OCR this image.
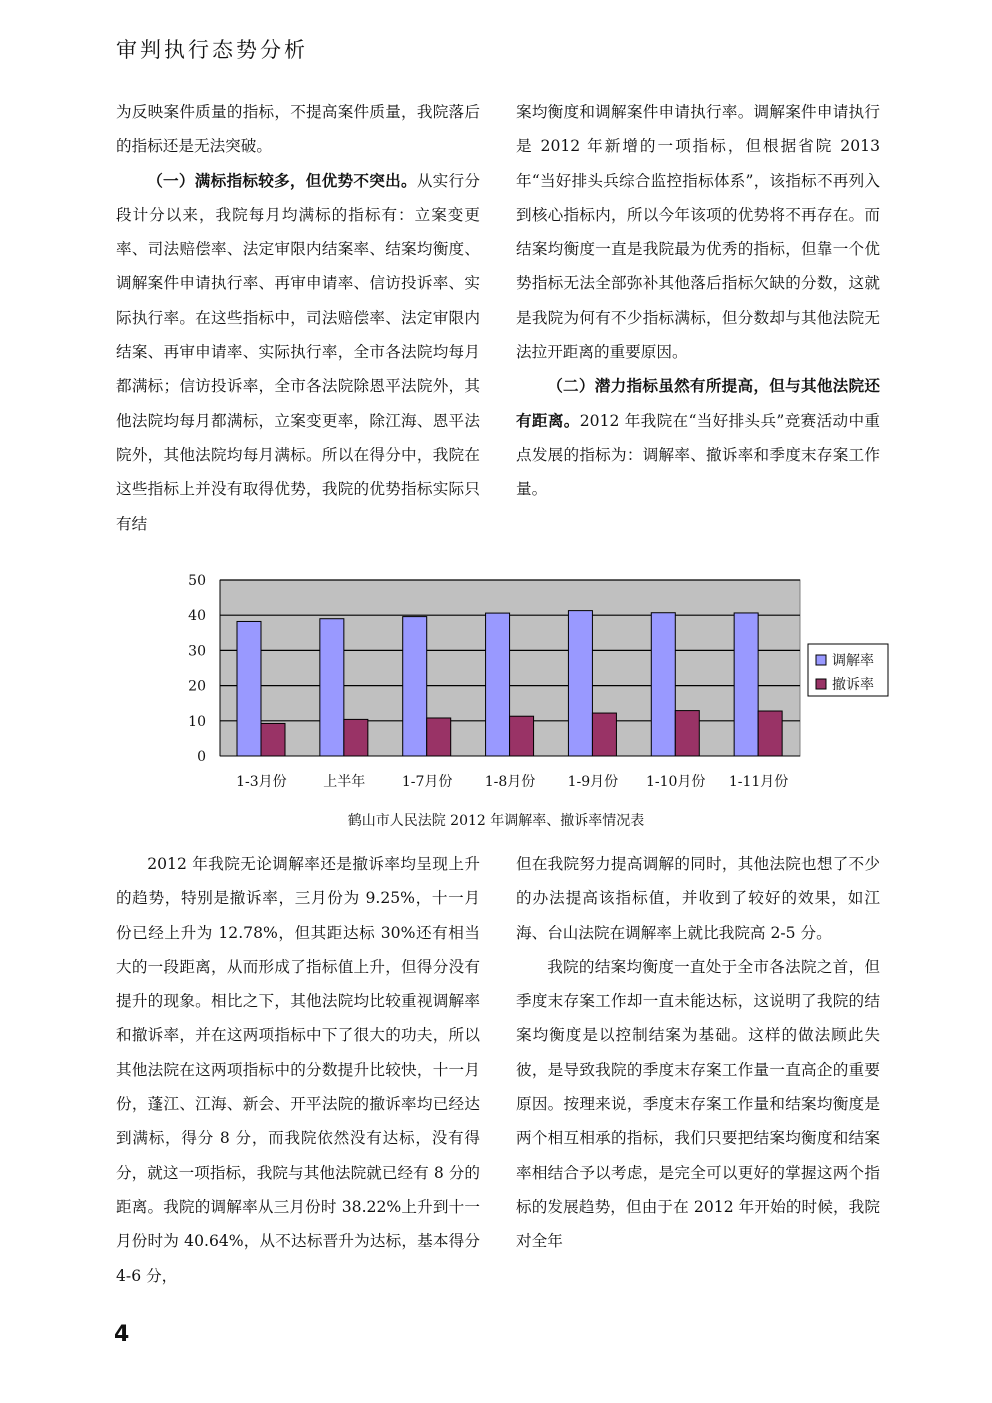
审判执行态势分析

为反映案件质量的指标，不提高案件质量，我院落后的指标还是无法突破。

（一）满标指标较多，但优势不突出。从实行分段计分以来，我院每月均满标的指标有：立案变更率、司法赔偿率、法定审限内结案率、结案均衡度、调解案件申请执行率、再审申请率、信访投诉率、实际执行率。在这些指标中，司法赔偿率、法定审限内结案、再审申请率、实际执行率，全市各法院均每月都满标；信访投诉率，全市各法院除恩平法院外，其他法院均每月都满标，立案变更率，除江海、恩平法院外，其他法院均每月满标。所以在得分中，我院在这些指标上并没有取得优势，我院的优势指标实际只有结

案均衡度和调解案件申请执行率。调解案件申请执行是 2012 年新增的一项指标，但根据省院 2013 年“当好排头兵综合监控指标体系”，该指标不再列入到核心指标内，所以今年该项的优势将不再存在。而结案均衡度一直是我院最为优秀的指标，但靠一个优势指标无法全部弥补其他落后指标欠缺的分数，这就是我院为何有不少指标满标，但分数却与其他法院无法拉开距离的重要原因。

（二）潜力指标虽然有所提高，但与其他法院还有距离。2012 年我院在“当好排头兵”竞赛活动中重点发展的指标为：调解率、撤诉率和季度末存案工作量。

0
10
20
30
40
50
1-3月份	上半年	1-7月份 1-8月份 1-9月份 1-10月份 1-11月份
调解率
撤诉率
鹤山市人民法院 2012 年调解率、撤诉率情况表

2012 年我院无论调解率还是撤诉率均呈现上升的趋势，特别是撤诉率，三月份为 9.25%，十一月份已经上升为 12.78%，但其距达标 30%还有相当大的一段距离，从而形成了指标值上升，但得分没有提升的现象。相比之下，其他法院均比较重视调解率和撤诉率，并在这两项指标中下了很大的功夫，所以其他法院在这两项指标中的分数提升比较快，十一月份，蓬江、江海、新会、开平法院的撤诉率均已经达到满标，得分 8 分，而我院依然没有达标，没有得分，就这一项指标，我院与其他法院就已经有 8 分的距离。我院的调解率从三月份时 38.22%上升到十一月份时为 40.64%，从不达标晋升为达标，基本得分 4-6 分，

但在我院努力提高调解的同时，其他法院也想了不少的办法提高该指标值，并收到了较好的效果，如江海、台山法院在调解率上就比我院高 2-5 分。

我院的结案均衡度一直处于全市各法院之首，但季度末存案工作却一直未能达标，这说明了我院的结案均衡度是以控制结案为基础。这样的做法顾此失彼，是导致我院的季度末存案工作量一直高企的重要原因。按理来说，季度末存案工作量和结案均衡度是两个相互相承的指标，我们只要把结案均衡度和结案率相结合予以考虑，是完全可以更好的掌握这两个指标的发展趋势，但由于在 2012 年开始的时候，我院对全年

4
